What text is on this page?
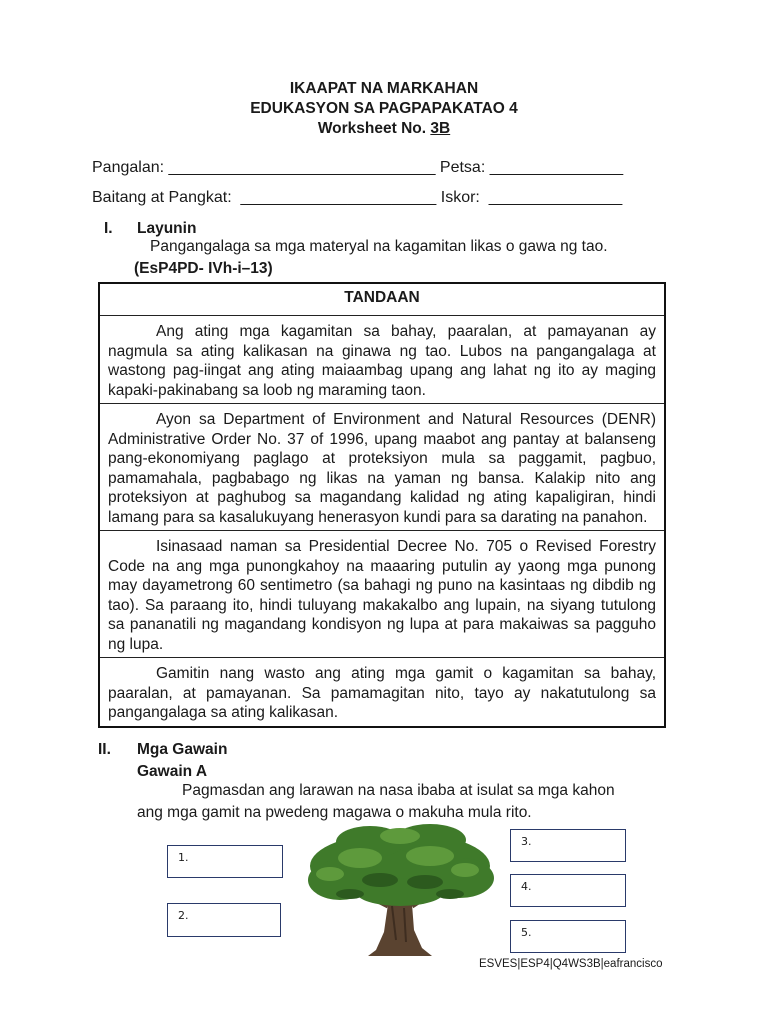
IKAAPAT NA MARKAHAN
EDUKASYON SA PAGPAPAKATAO 4
Worksheet No. 3B
Pangalan: ______________________________ Petsa: _______________
Baitang at Pangkat:  ______________________ Iskor:  _______________
I. Layunin
Pangangalaga sa mga materyal na kagamitan likas o gawa ng tao.
(EsP4PD- IVh-i–13)
TANDAAN

Ang ating mga kagamitan sa bahay, paaralan, at pamayanan ay nagmula sa ating kalikasan na ginawa ng tao. Lubos na pangangalaga at wastong pag-iingat ang ating maiaambag upang ang lahat ng ito ay maging kapaki-pakinabang sa loob ng maraming taon.

Ayon sa Department of Environment and Natural Resources (DENR) Administrative Order No. 37 of 1996, upang maabot ang pantay at balanseng pang-ekonomiyang paglago at proteksiyon mula sa paggamit, pagbuo, pamamahala, pagbabago ng likas na yaman ng bansa. Kalakip nito ang proteksiyon at paghubog sa magandang kalidad ng ating kapaligiran, hindi lamang para sa kasalukuyang henerasyon kundi para sa darating na panahon.

Isinasaad naman sa Presidential Decree No. 705 o Revised Forestry Code na ang mga punongkahoy na maaaring putulin ay yaong mga punong may dayametrong 60 sentimetro (sa bahagi ng puno na kasintaas ng dibdib ng tao). Sa paraang ito, hindi tuluyang makakalbo ang lupain, na siyang tutulong sa pananatili ng magandang kondisyon ng lupa at para makaiwas sa pagguho ng lupa.

Gamitin nang wasto ang ating mga gamit o kagamitan sa bahay, paaralan, at pamayanan. Sa pamamagitan nito, tayo ay nakatutulong sa pangangalaga sa ating kalikasan.

II. Mga Gawain
Gawain A
Pagmasdan ang larawan na nasa ibaba at isulat sa mga kahon
ang mga gamit na pwedeng magawa o makuha mula rito.
1.
2.
3.
4.
5.
ESVES|ESP4|Q4WS3B|eafrancisco
